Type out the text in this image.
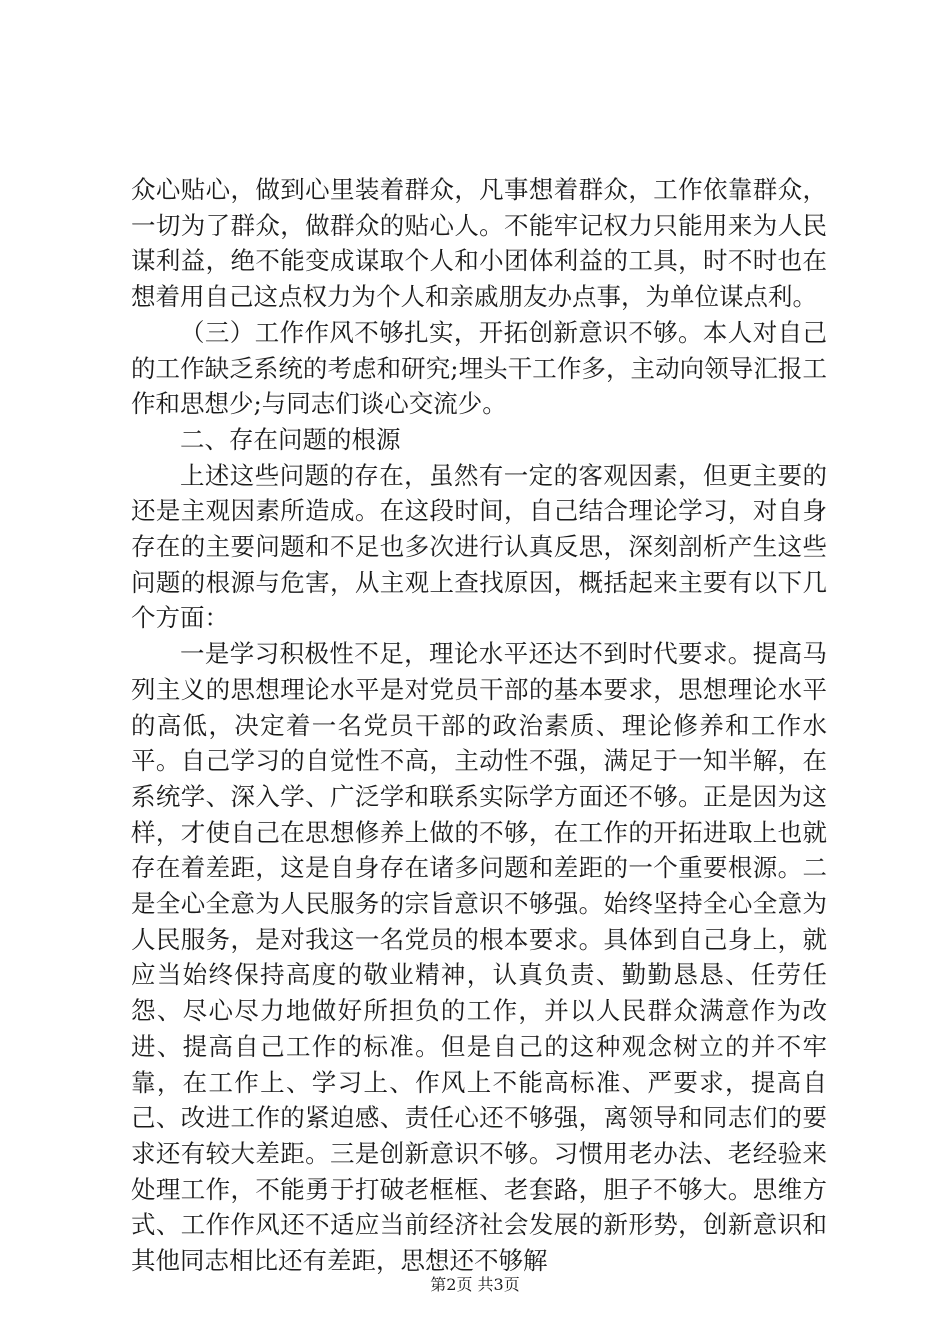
众心贴心，做到心里装着群众，凡事想着群众，工作依靠群众，一切为了群众，做群众的贴心人。不能牢记权力只能用来为人民谋利益，绝不能变成谋取个人和小团体利益的工具，时不时也在想着用自己这点权力为个人和亲戚朋友办点事，为单位谋点利。

（三）工作作风不够扎实，开拓创新意识不够。本人对自己的工作缺乏系统的考虑和研究;埋头干工作多，主动向领导汇报工作和思想少;与同志们谈心交流少。

二、存在问题的根源

上述这些问题的存在，虽然有一定的客观因素，但更主要的还是主观因素所造成。在这段时间，自己结合理论学习，对自身存在的主要问题和不足也多次进行认真反思，深刻剖析产生这些问题的根源与危害，从主观上查找原因，概括起来主要有以下几个方面：

一是学习积极性不足，理论水平还达不到时代要求。提高马列主义的思想理论水平是对党员干部的基本要求，思想理论水平的高低，决定着一名党员干部的政治素质、理论修养和工作水平。自己学习的自觉性不高，主动性不强，满足于一知半解，在系统学、深入学、广泛学和联系实际学方面还不够。正是因为这样，才使自己在思想修养上做的不够，在工作的开拓进取上也就存在着差距，这是自身存在诸多问题和差距的一个重要根源。二是全心全意为人民服务的宗旨意识不够强。始终坚持全心全意为人民服务，是对我这一名党员的根本要求。具体到自己身上，就应当始终保持高度的敬业精神，认真负责、勤勤恳恳、任劳任怨、尽心尽力地做好所担负的工作，并以人民群众满意作为改进、提高自己工作的标准。但是自己的这种观念树立的并不牢靠，在工作上、学习上、作风上不能高标准、严要求，提高自己、改进工作的紧迫感、责任心还不够强，离领导和同志们的要求还有较大差距。三是创新意识不够。习惯用老办法、老经验来处理工作，不能勇于打破老框框、老套路，胆子不够大。思维方式、工作作风还不适应当前经济社会发展的新形势，创新意识和其他同志相比还有差距，思想还不够解

第2页 共3页
